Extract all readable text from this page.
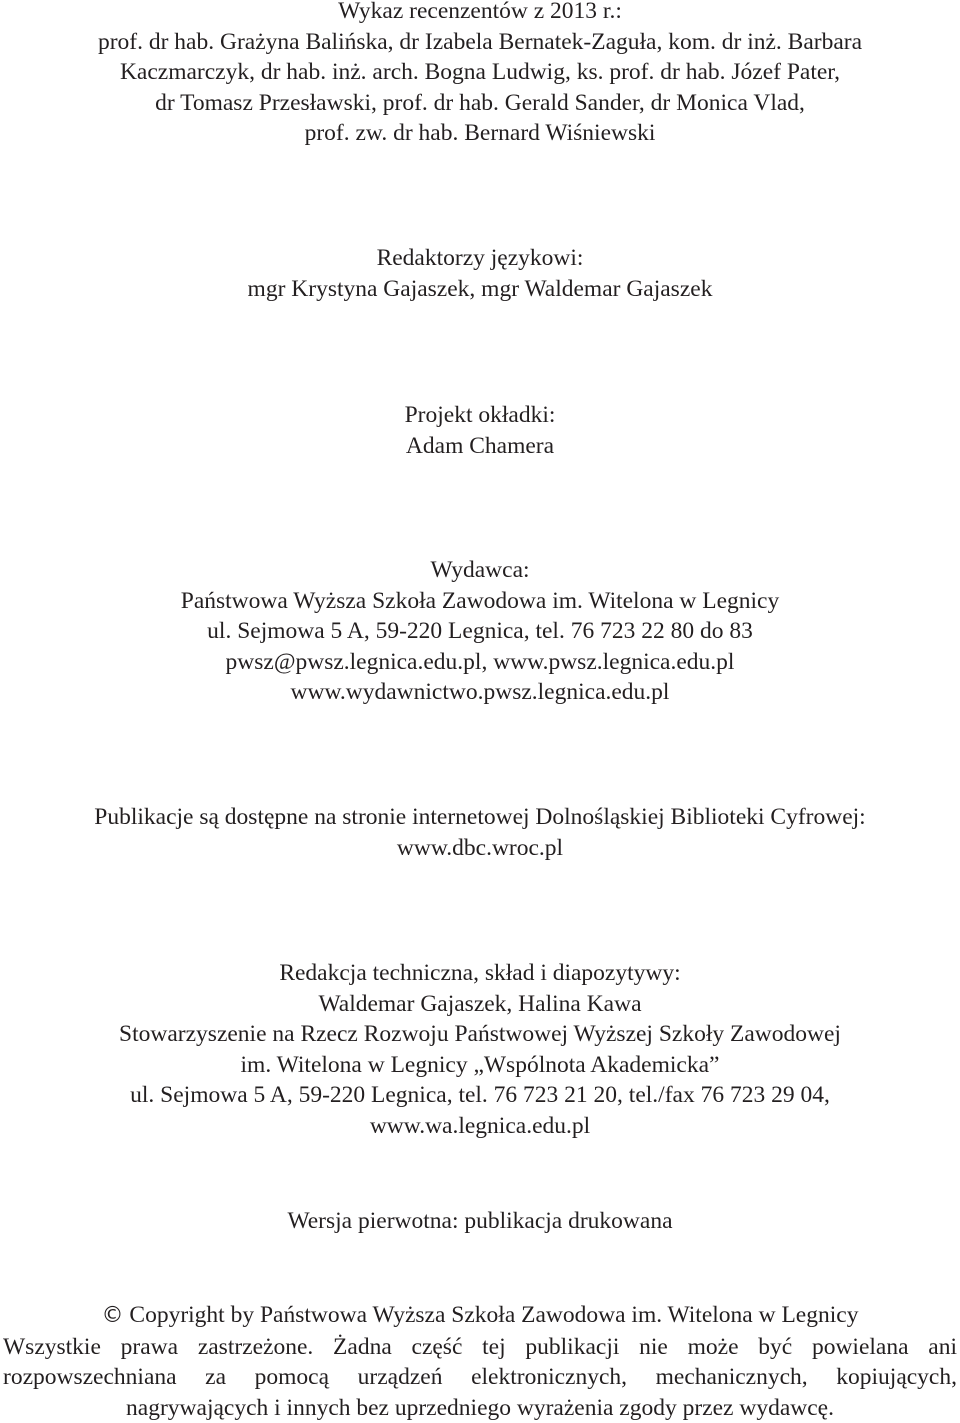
Wykaz recenzentów z 2013 r.:
prof. dr hab. Grażyna Balińska, dr Izabela Bernatek-Zaguła, kom. dr inż. Barbara
Kaczmarczyk, dr hab. inż. arch. Bogna Ludwig, ks. prof. dr hab. Józef Pater,
dr Tomasz Przesławski, prof. dr hab. Gerald Sander, dr Monica Vlad,
prof. zw. dr hab. Bernard Wiśniewski
Redaktorzy językowi:
mgr Krystyna Gajaszek, mgr Waldemar Gajaszek
Projekt okładki:
Adam Chamera
Wydawca:
Państwowa Wyższa Szkoła Zawodowa im. Witelona w Legnicy
ul. Sejmowa 5 A, 59-220 Legnica, tel. 76 723 22 80 do 83
pwsz@pwsz.legnica.edu.pl, www.pwsz.legnica.edu.pl
www.wydawnictwo.pwsz.legnica.edu.pl
Publikacje są dostępne na stronie internetowej Dolnośląskiej Biblioteki Cyfrowej:
www.dbc.wroc.pl
Redakcja techniczna, skład i diapozytywy:
Waldemar Gajaszek, Halina Kawa
Stowarzyszenie na Rzecz Rozwoju Państwowej Wyższej Szkoły Zawodowej
im. Witelona w Legnicy „Wspólnota Akademicka”
ul. Sejmowa 5 A, 59-220 Legnica, tel. 76 723 21 20, tel./fax 76 723 29 04,
www.wa.legnica.edu.pl
Wersja pierwotna: publikacja drukowana
© Copyright by Państwowa Wyższa Szkoła Zawodowa im. Witelona w Legnicy
Wszystkie prawa zastrzeżone. Żadna część tej publikacji nie może być powielana ani
rozpowszechniana za pomocą urządzeń elektronicznych, mechanicznych, kopiujących,
nagrywających i innych bez uprzedniego wyrażenia zgody przez wydawcę.
